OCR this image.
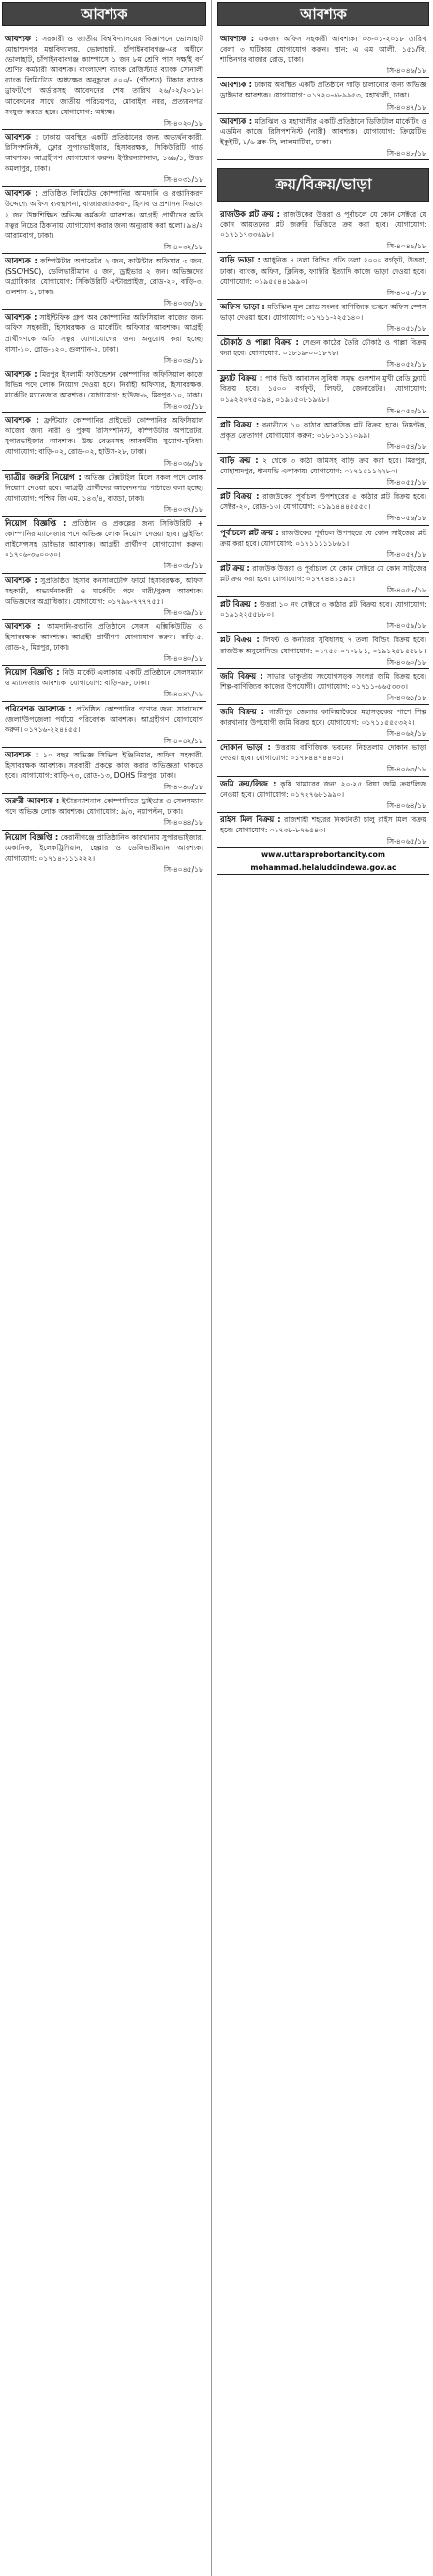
আবশ্যক
আবশ্যক : সরকারী ও জাতীয় বিশ্ববিদ্যালয়ের বিজ্ঞাপনে ভোলাহাট মোহাম্মদপুর মহাবিদ্যালয়, ভোলাহাট, চাঁপাইনবাবগঞ্জ-এর অধীনে ভোলাহাট, চাঁপাইনবাবগঞ্জ ক্যাম্পাসে ১ জন ৮ম শ্রেণি পাস দক্ষ/ই বর্ণ শ্রেণির কর্মচারী আবশ্যক। বাংলাদেশ ব্যাংক রেজিস্টার্ড ব্যাংক সোনালী ব্যাংক লিমিটেডে অধ্যক্ষের অনুকূলে ৫০০/- (পাঁচশত) টাকার ব্যাংক ড্রাফট/পে অর্ডারসহ আবেদনের শেষ তারিখ ২৬/০২/২০১৮। আবেদনের সাথে জাতীয় পরিচয়পত্র, মোবাইল নম্বর, প্রত্যয়নপত্র সংযুক্ত করতে হবে। যোগাযোগ: অধ্যক্ষ।
সি-৪০২০/১৮
আবশ্যক : ঢাকায় অবস্থিত একটি প্রতিষ্ঠানের জন্য অভ্যর্থনাকারী, রিসিপশনিস্ট, ফ্লোর সুপারভাইজার, হিসাবরক্ষক, সিকিউরিটি গার্ড আবশ্যক। আগ্রহীগণ যোগাযোগ করুন। ইন্টারন্যাশনাল, ১৬৯/১, উত্তর কমলাপুর, ঢাকা।
সি-৪০৩১/১৮
আবশ্যক : প্রতিষ্ঠিত লিমিটেড কোম্পানির আমদানি ও রপ্তানিকরণ উদ্দেশ্যে অফিস ব্যবস্থাপনা, বাজারজাতকরণ, হিসাব ও প্রশাসন বিভাগে ২ জন উচ্চশিক্ষিত অভিজ্ঞ কর্মকর্তা আবশ্যক। আগ্রহী প্রার্থীদের অতি সত্বর নিচের ঠিকানায় যোগাযোগ করার জন্য অনুরোধ করা হলো। ৯৪/২ আরামবাগ, ঢাকা।
সি-৪০৩২/১৮
আবশ্যক : কম্পিউটার অপারেটর ২ জন, কাউন্টার অফিসার ৩ জন, (SSC/HSC), ডেলিভারীম্যান ৫ জন, ড্রাইভার ২ জন। অভিজ্ঞদের অগ্রাধিকার। যোগাযোগ: সিকিউরিটি এন্টারপ্রাইজ, রোড-২০, বাড়ি-৩, গুলশান-১, ঢাকা।
সি-৪০৩৩/১৮
আবশ্যক : সাইন্টিফিক গ্রুপ অব কোম্পানির অফিসিয়াল কাজের জন্য অফিস সহকারী, হিসাবরক্ষক ও মার্কেটিং অফিসার আবশ্যক। আগ্রহী প্রার্থীগণকে অতি সত্বর যোগাযোগের জন্য অনুরোধ করা হচ্ছে। বাসা-১০, রোড-১২০, গুলশান-২, ঢাকা।
সি-৪০৩৪/১৮
আবশ্যক : মিরপুর ইসলামী ফাউন্ডেশন কোম্পানির অফিসিয়াল কাজে বিভিন্ন পদে লোক নিয়োগ দেওয়া হবে। নির্বাহী অফিসার, হিসাবরক্ষক, মার্কেটিং ম্যানেজার আবশ্যক। যোগাযোগ: হাউজ-৬, মিরপুর-১০, ঢাকা।
সি-৪০৩৫/১৮
আবশ্যক : ফ্রন্টিয়ার কোম্পানির প্রাইভেট কোম্পানির অফিসিয়াল কাজের জন্য নারী ও পুরুষ রিসিপশনিস্ট, কম্পিউটার অপারেটর, সুপারভাইজার আবশ্যক। উচ্চ বেতনসহ আকর্ষণীয় সুযোগ-সুবিধা। যোগাযোগ: বাড়ি-০২, রোড-০২, হাউস-২৮, ঢাকা।
সি-৪০৩৬/১৮
দ্যাত্রীর জরুরি নিয়োগ : অভিজ্ঞ টেক্সটাইল মিলে সকল পদে লোক নিয়োগ দেওয়া হবে। আগ্রহী প্রার্থীদের আবেদনপত্র পাঠাতে বলা হচ্ছে। যোগাযোগ: পশ্চিম জি.এম. ১৪৩/৪, বাড্ডা, ঢাকা।
সি-৪০৩৭/১৮
নিয়োগ বিজ্ঞপ্তি : প্রতিষ্ঠান ও প্রকল্পের জন্য সিকিউরিটি + কোম্পানির ম্যানেজার পদে অভিজ্ঞ লোক নিয়োগ দেওয়া হবে। ড্রাইভিং লাইসেন্সসহ ড্রাইভার আবশ্যক। আগ্রহী প্রার্থীগণ যোগাযোগ করুন। ০১৭০৬-৩৬০০৩০।
সি-৪০৩৮/১৮
আবশ্যক : সুপ্রতিষ্ঠিত হিসাব কনসালটেন্সি ফার্মে হিসাবরক্ষক, অফিস সহকারী, অভ্যর্থনাকারী ও মার্কেটিং পদে নারী/পুরুষ আবশ্যক। অভিজ্ঞদের অগ্রাধিকার। যোগাযোগ: ০১৭৯৯-৭৭৭৭৫৫।
সি-৪০৩৯/১৮
আবশ্যক : আমদানি-রপ্তানি প্রতিষ্ঠানে সেলস এক্সিকিউটিভ ও হিসাবরক্ষক আবশ্যক। আগ্রহী প্রার্থীগণ যোগাযোগ করুন। বাড়ি-৫, রোড-২, মিরপুর, ঢাকা।
সি-৪০৪০/১৮
নিয়োগ বিজ্ঞপ্তি : নিউ মার্কেট এলাকায় একটি প্রতিষ্ঠানে সেলসম্যান ও ম্যানেজার আবশ্যক। যোগাযোগ: বাড়ি-৬৮, ঢাকা।
সি-৪০৪১/১৮
পরিবেশক আবশ্যক : প্রতিষ্ঠিত কোম্পানির পণ্যের জন্য সারাদেশে জেলা/উপজেলা পর্যায়ে পরিবেশক আবশ্যক। আগ্রহীগণ যোগাযোগ করুন। ০১৭১৬-২২৪৪৫৫।
সি-৪০৪২/১৮
আবশ্যক : ১০ বছর অভিজ্ঞ সিভিল ইঞ্জিনিয়ার, অফিস সহকারী, হিসাবরক্ষক আবশ্যক। সরকারী প্রকল্পে কাজ করার অভিজ্ঞতা থাকতে হবে। যোগাযোগ: বাড়ি-৭৩, রোড-১৩, DOHS মিরপুর, ঢাকা।
সি-৪০৪৩/১৮
জরুরী আবশ্যক : ইন্টারন্যাশনাল কোম্পানিতে ড্রাইভার ও সেলসম্যান পদে অভিজ্ঞ লোক আবশ্যক। যোগাযোগ: ৯/৩, নয়াপল্টন, ঢাকা।
সি-৪০৪৪/১৮
নিয়োগ বিজ্ঞপ্তি : কেরানীগঞ্জে প্রাতিষ্ঠানিক কারখানায় সুপারভাইজার, মেকানিক, ইলেকট্রিশিয়ান, হেল্পার ও ডেলিভারীম্যান আবশ্যক। যোগাযোগ: ০১৭১৪-১১১২২২।
সি-৪০৪৫/১৮
আবশ্যক
আবশ্যক : একজন অফিস সহকারী আবশ্যক। ০৩-০১-২০১৮ তারিখ বেলা ৩ ঘটিকায় যোগাযোগ করুন। স্থান: এ এম আলী, ১৫১/বি, শান্তিনগর বাজার রোড, ঢাকা।
সি-৪০৪৬/১৮
আবশ্যক : ঢাকায় অবস্থিত একটি প্রতিষ্ঠানে গাড়ি চালানোর জন্য অভিজ্ঞ ড্রাইভার আবশ্যক। যোগাযোগ: ০১৭২০-৬৮৯৯৫৩, মহাখালী, ঢাকা।
সি-৪০৪৭/১৮
আবশ্যক : মতিঝিল ও মহাখালীর একটি প্রতিষ্ঠানে ডিজিটাল মার্কেটিং ও এডমিন কাজে রিসিপশনিস্ট (নারী) আবশ্যক। যোগাযোগ: ক্রিয়েটিভ ইকুইটি, ৮/৬ ব্লক-সি, লালমাটিয়া, ঢাকা।
সি-৪০৪৮/১৮
ক্রয়/বিক্রয়/ভাড়া
রাজউক প্লট ক্রয় : রাজউকের উত্তরা ও পূর্বাচলে যে কোন সেক্টরে যে কোন আয়তনের প্লট জরুরি ভিত্তিতে ক্রয় করা হবে। যোগাযোগ: ০১৭১১৭৩৩৬৯৮।
সি-৪০৪৯/১৮
বাড়ি ভাড়া : আধুনিক ৪ তলা বিল্ডিং প্রতি তলা ২০০০ বর্গফুট, উত্তরা, ঢাকা। ব্যাংক, অফিস, ক্লিনিক, ফ্যাক্টরি ইত্যাদি কাজে ভাড়া দেওয়া হবে। যোগাযোগ: ০১৯৫৫৪৪১৯৯০।
সি-৪০৫০/১৮
অফিস ভাড়া : মতিঝিল মূল রোড সংলগ্ন বাণিজ্যিক ভবনে অফিস স্পেস ভাড়া দেওয়া হবে। যোগাযোগ: ০১৭১১-২২৫১৪০।
সি-৪০৫১/১৮
চৌকাঠ ও পাল্লা বিক্রয় : সেগুন কাঠের তৈরি চৌকাঠ ও পাল্লা বিক্রয় করা হবে। যোগাযোগ: ০১৮১৯-০০১৮৭৮।
সি-৪০৫২/১৮
ফ্ল্যাট বিক্রয় : পার্ক ভিউ আবাসন সুবিধা সমৃদ্ধ গুলশান মুখী রেডি ফ্ল্যাট বিক্রয় হবে। ১৫০০ বর্গফুট, লিফট, জেনারেটর। যোগাযোগ: ০১৯২২৩৭৫০৯৪, ০১৯১৫০৮১৯৬৮।
সি-৪০৫৩/১৮
প্লট বিক্রয় : বনানীতে ১০ কাঠার আবাসিক প্লট বিক্রয় হবে। নিষ্কণ্টক, প্রকৃত ক্রেতাগণ যোগাযোগ করুন: ০১৮১০১১১০৯৯।
সি-৪০৫৪/১৮
বাড়ি ক্রয় : ২ থেকে ৩ কাঠা জমিসহ বাড়ি ক্রয় করা হবে। মিরপুর, মোহাম্মদপুর, ধানমন্ডি এলাকায়। যোগাযোগ: ০১৭১৫১১২২৮০।
সি-৪০৫৫/১৮
প্লট বিক্রয় : রাজউকের পূর্বাচল উপশহরের ৫ কাঠার প্লট বিক্রয় হবে। সেক্টর-২০, রোড-১৩। যোগাযোগ: ০১৯১৪৪৪৫৫৫৫।
সি-৪০৫৬/১৮
পূর্বাচলে প্লট ক্রয় : রাজউকের পূর্বাচল উপশহরে যে কোন সাইজের প্লট ক্রয় করা হবে। যোগাযোগ: ০১৭১১১১১৮৬১।
সি-৪০৫৭/১৮
প্লট ক্রয় : রাজউক উত্তরা ও পূর্বাচলে যে কোন সেক্টরে যে কোন সাইজের প্লট ক্রয় করা হবে। যোগাযোগ: ০১৭৭৪৪১১৯১।
সি-৪০৫৮/১৮
প্লট বিক্রয় : উত্তরা ১০ নং সেক্টরে ৩ কাঠার প্লট বিক্রয় হবে। যোগাযোগ: ০১৯১২২৫৫৮৮০।
সি-৪০৫৯/১৮
প্লট বিক্রয় : লিফট ও কর্নারের সুবিধাসহ ৭ তলা বিল্ডিং বিক্রয় হবে। রাজউক অনুমোদিত। যোগাযোগ: ০১৭৫৫-০৭০৮৮১, ০১৯১২৫৮৫৫৮৮।
সি-৪০৬০/১৮
জমি বিক্রয় : সাভার ভাকুর্তায় সংযোগসড়ক সংলগ্ন জমি বিক্রয় হবে। শিল্প-বাণিজ্যিক কাজের উপযোগী। যোগাযোগ: ০১৭১১-৬৬৫৩৩৩।
সি-৪০৬১/১৮
জমি বিক্রয় : গাজীপুর জেলার কালিয়াকৈরে মহাসড়কের পাশে শিল্প কারখানার উপযোগী জমি বিক্রয় হবে। যোগাযোগ: ০১৭১১৫৫৫৩২২।
সি-৪০৬২/১৮
দোকান ভাড়া : উত্তরায় বাণিজ্যিক ভবনের নিচতলায় দোকান ভাড়া দেওয়া হবে। যোগাযোগ: ০১৭৮৪৪৭৪৪০১।
সি-৪০৬৩/১৮
জমি ক্রয়/লিজ : কৃষি খামারের জন্য ২০-২৫ বিঘা জমি ক্রয়/লিজ নেওয়া হবে। যোগাযোগ: ০১৭২৭৬৮১৯৯০।
সি-৪০৬৪/১৮
রাইস মিল বিক্রয় : রাজশাহী শহরের নিকটবর্তী চালু রাইস মিল বিক্রয় হবে। যোগাযোগ: ০১৭৩৮-৮৭৬৫৪৩।
সি-৪০৬৫/১৮
www.uttaraprobortancity.com
mohammad.helaluddindewa.gov.ac
